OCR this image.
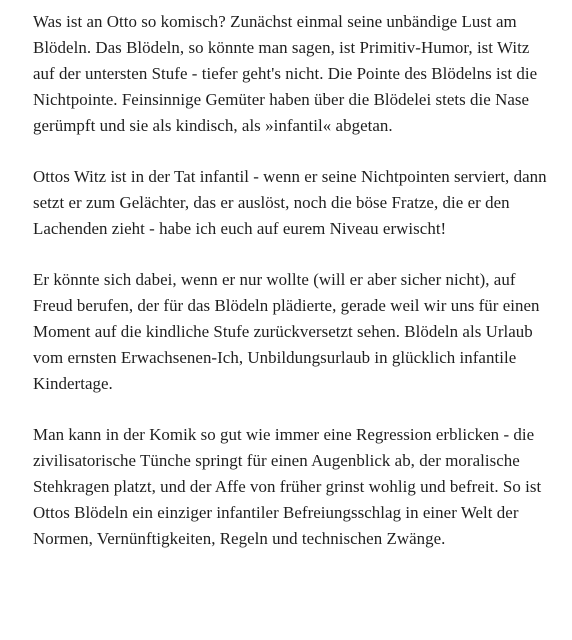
Was ist an Otto so komisch? Zunächst einmal seine unbändige Lust am Blödeln. Das Blödeln, so könnte man sagen, ist Primitiv-Humor, ist Witz auf der untersten Stufe - tiefer geht's nicht. Die Pointe des Blödelns ist die Nichtpointe. Feinsinnige Gemüter haben über die Blödelei stets die Nase gerümpft und sie als kindisch, als »infantil« abgetan.

Ottos Witz ist in der Tat infantil - wenn er seine Nichtpointen serviert, dann setzt er zum Gelächter, das er auslöst, noch die böse Fratze, die er den Lachenden zieht - habe ich euch auf eurem Niveau erwischt!

Er könnte sich dabei, wenn er nur wollte (will er aber sicher nicht), auf Freud berufen, der für das Blödeln plädierte, gerade weil wir uns für einen Moment auf die kindliche Stufe zurückversetzt sehen. Blödeln als Urlaub vom ernsten Erwachsenen-Ich, Unbildungsurlaub in glücklich infantile Kindertage.

Man kann in der Komik so gut wie immer eine Regression erblicken - die zivilisatorische Tünche springt für einen Augenblick ab, der moralische Stehkragen platzt, und der Affe von früher grinst wohlig und befreit. So ist Ottos Blödeln ein einziger infantiler Befreiungsschlag in einer Welt der Normen, Vernünftigkeiten, Regeln und technischen Zwänge.
